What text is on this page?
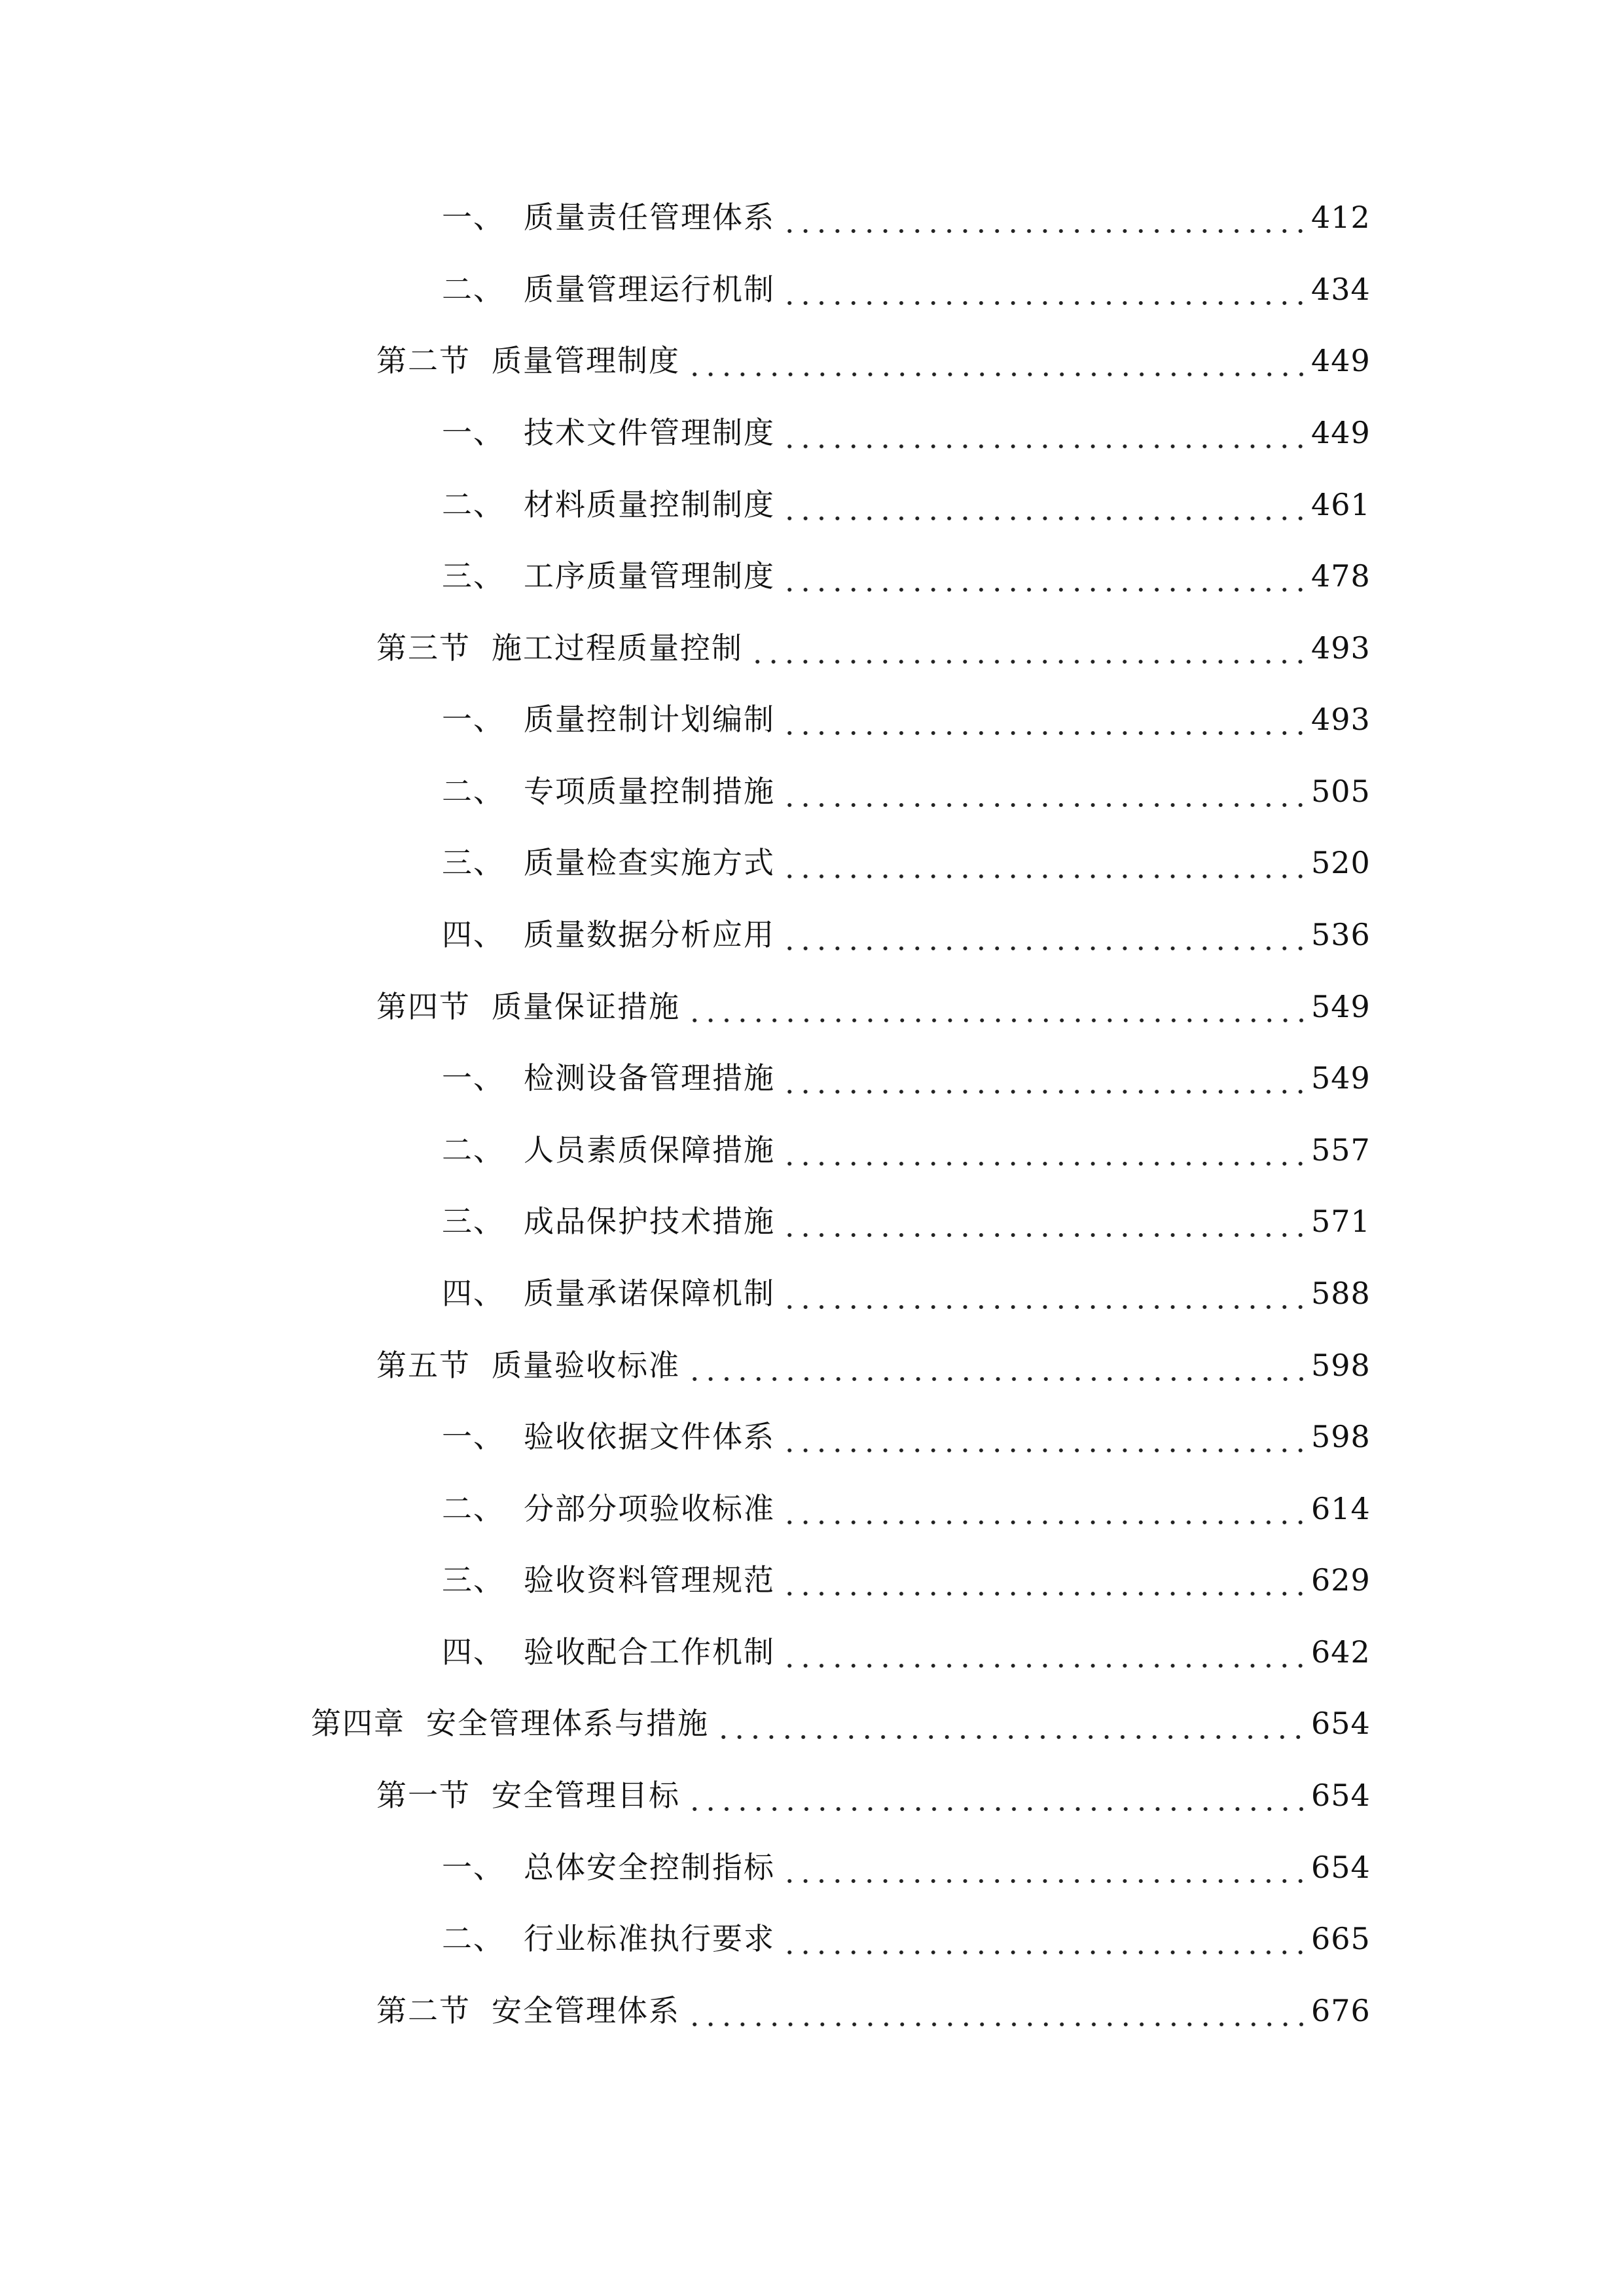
一、 质量责任管理体系	412
二、 质量管理运行机制	434
第二节 质量管理制度	449
一、 技术文件管理制度	449
二、 材料质量控制制度	461
三、 工序质量管理制度	478
第三节 施工过程质量控制	493
一、 质量控制计划编制	493
二、 专项质量控制措施	505
三、 质量检查实施方式	520
四、 质量数据分析应用	536
第四节 质量保证措施	549
一、 检测设备管理措施	549
二、 人员素质保障措施	557
三、 成品保护技术措施	571
四、 质量承诺保障机制	588
第五节 质量验收标准	598
一、 验收依据文件体系	598
二、 分部分项验收标准	614
三、 验收资料管理规范	629
四、 验收配合工作机制	642
第四章 安全管理体系与措施	654
第一节 安全管理目标	654
一、 总体安全控制指标	654
二、 行业标准执行要求	665
第二节 安全管理体系	676
